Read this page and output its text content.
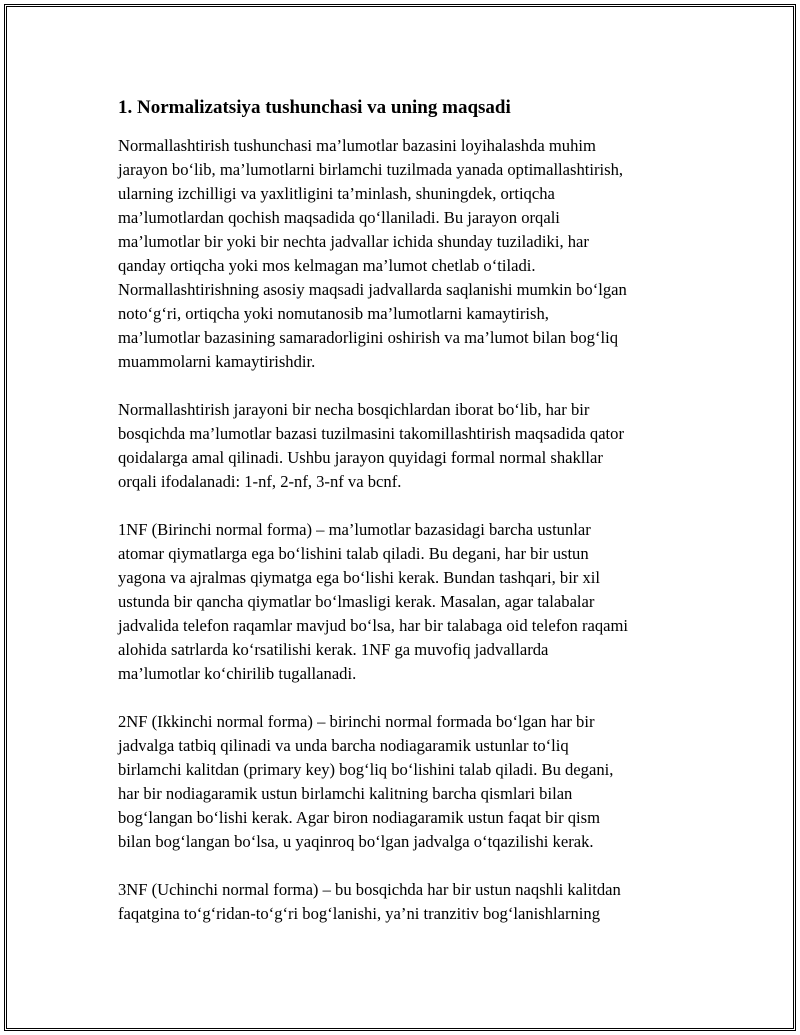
1. Normalizatsiya tushunchasi va uning maqsadi

Normallashtirish tushunchasi ma’lumotlar bazasini loyihalashda muhim
jarayon bo‘lib, ma’lumotlarni birlamchi tuzilmada yanada optimallashtirish,
ularning izchilligi va yaxlitligini ta’minlash, shuningdek, ortiqcha
ma’lumotlardan qochish maqsadida qo‘llaniladi. Bu jarayon orqali
ma’lumotlar bir yoki bir nechta jadvallar ichida shunday tuziladiki, har
qanday ortiqcha yoki mos kelmagan ma’lumot chetlab o‘tiladi.
Normallashtirishning asosiy maqsadi jadvallarda saqlanishi mumkin bo‘lgan
noto‘g‘ri, ortiqcha yoki nomutanosib ma’lumotlarni kamaytirish,
ma’lumotlar bazasining samaradorligini oshirish va ma’lumot bilan bog‘liq
muammolarni kamaytirishdir.

Normallashtirish jarayoni bir necha bosqichlardan iborat bo‘lib, har bir
bosqichda ma’lumotlar bazasi tuzilmasini takomillashtirish maqsadida qator
qoidalarga amal qilinadi. Ushbu jarayon quyidagi formal normal shakllar
orqali ifodalanadi: 1-nf, 2-nf, 3-nf va bcnf.

1NF (Birinchi normal forma) – ma’lumotlar bazasidagi barcha ustunlar
atomar qiymatlarga ega bo‘lishini talab qiladi. Bu degani, har bir ustun
yagona va ajralmas qiymatga ega bo‘lishi kerak. Bundan tashqari, bir xil
ustunda bir qancha qiymatlar bo‘lmasligi kerak. Masalan, agar talabalar
jadvalida telefon raqamlar mavjud bo‘lsa, har bir talabaga oid telefon raqami
alohida satrlarda ko‘rsatilishi kerak. 1NF ga muvofiq jadvallarda
ma’lumotlar ko‘chirilib tugallanadi.

2NF (Ikkinchi normal forma) – birinchi normal formada bo‘lgan har bir
jadvalga tatbiq qilinadi va unda barcha nodiagaramik ustunlar to‘liq
birlamchi kalitdan (primary key) bog‘liq bo‘lishini talab qiladi. Bu degani,
har bir nodiagaramik ustun birlamchi kalitning barcha qismlari bilan
bog‘langan bo‘lishi kerak. Agar biron nodiagaramik ustun faqat bir qism
bilan bog‘langan bo‘lsa, u yaqinroq bo‘lgan jadvalga o‘tqazilishi kerak.

3NF (Uchinchi normal forma) – bu bosqichda har bir ustun naqshli kalitdan
faqatgina to‘g‘ridan-to‘g‘ri bog‘lanishi, ya’ni tranzitiv bog‘lanishlarning
